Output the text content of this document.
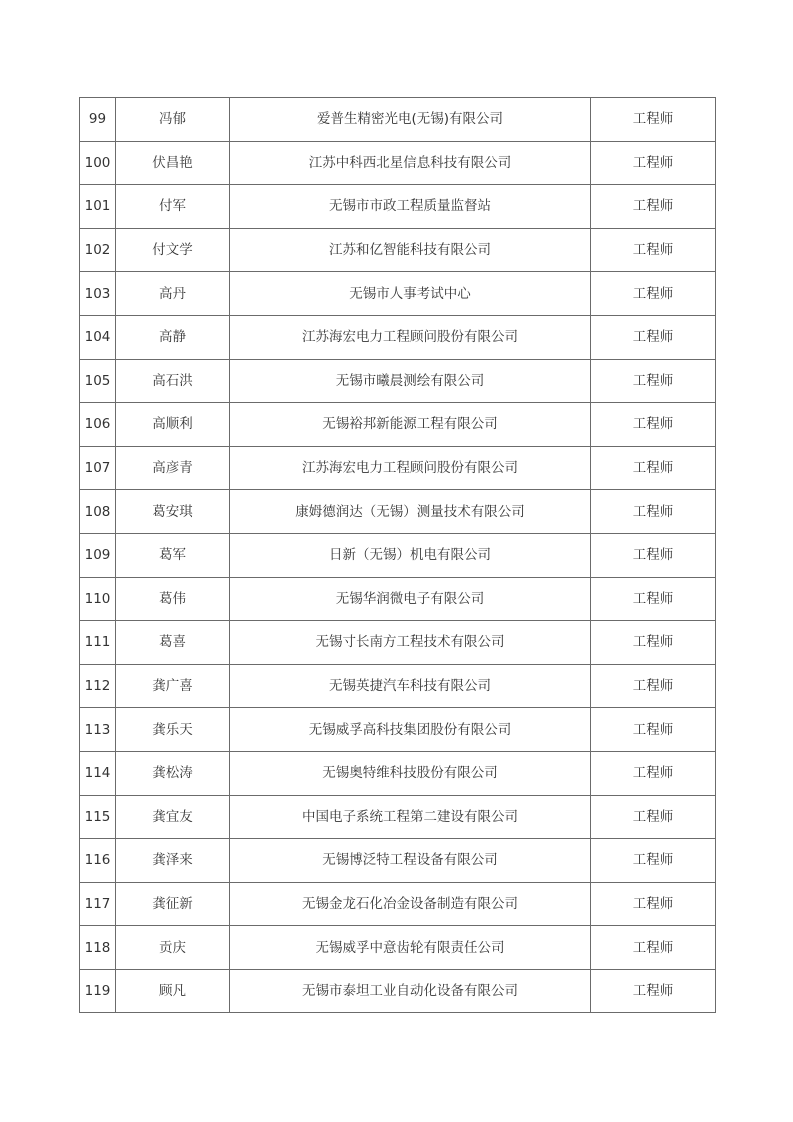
99	冯郁	爱普生精密光电(无锡)有限公司	工程师
100	伏昌艳	江苏中科西北星信息科技有限公司	工程师
101	付军	无锡市市政工程质量监督站	工程师
102	付文学	江苏和亿智能科技有限公司	工程师
103	高丹	无锡市人事考试中心	工程师
104	高静	江苏海宏电力工程顾问股份有限公司	工程师
105	高石洪	无锡市曦晨测绘有限公司	工程师
106	高顺利	无锡裕邦新能源工程有限公司	工程师
107	高彦青	江苏海宏电力工程顾问股份有限公司	工程师
108	葛安琪	康姆德润达（无锡）测量技术有限公司	工程师
109	葛军	日新（无锡）机电有限公司	工程师
110	葛伟	无锡华润微电子有限公司	工程师
111	葛喜	无锡寸长南方工程技术有限公司	工程师
112	龚广喜	无锡英捷汽车科技有限公司	工程师
113	龚乐天	无锡威孚高科技集团股份有限公司	工程师
114	龚松涛	无锡奥特维科技股份有限公司	工程师
115	龚宜友	中国电子系统工程第二建设有限公司	工程师
116	龚泽来	无锡博泛特工程设备有限公司	工程师
117	龚征新	无锡金龙石化冶金设备制造有限公司	工程师
118	贡庆	无锡威孚中意齿轮有限责任公司	工程师
119	顾凡	无锡市泰坦工业自动化设备有限公司	工程师
